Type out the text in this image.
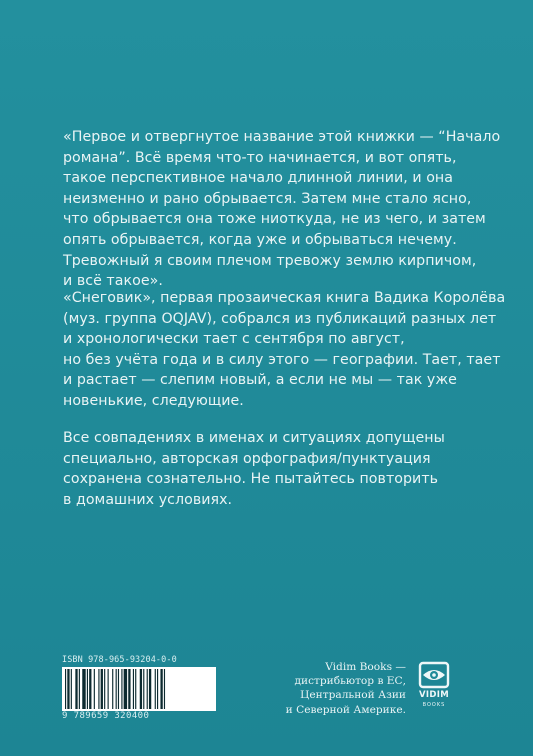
«Первое и отвергнутое название этой книжки — “Начало
романа”. Всё время что-то начинается, и вот опять,
такое перспективное начало длинной линии, и она
неизменно и рано обрывается. Затем мне стало ясно,
что обрывается она тоже ниоткуда, не из чего, и затем
опять обрывается, когда уже и обрываться нечему.
Тревожный я своим плечом тревожу землю кирпичом,
и всё такое».

«Снеговик», первая прозаическая книга Вадика Королёва
(муз. группа OQJAV), собрался из публикаций разных лет
и хронологически тает с сентября по август,
но без учёта года и в силу этого — географии. Тает, тает
и растает — слепим новый, а если не мы — так уже
новенькие, следующие.

Все совпадениях в именах и ситуациях допущены
специально, авторская орфография/пунктуация
сохранена сознательно. Не пытайтесь повторить
в домашних условиях.

ISBN 978-965-93204-0-0
9 789659 320400
Vidim Books —
дистрибьютор в ЕС,
Центральной Азии
и Северной Америке.
VIDIM
BOOKS
